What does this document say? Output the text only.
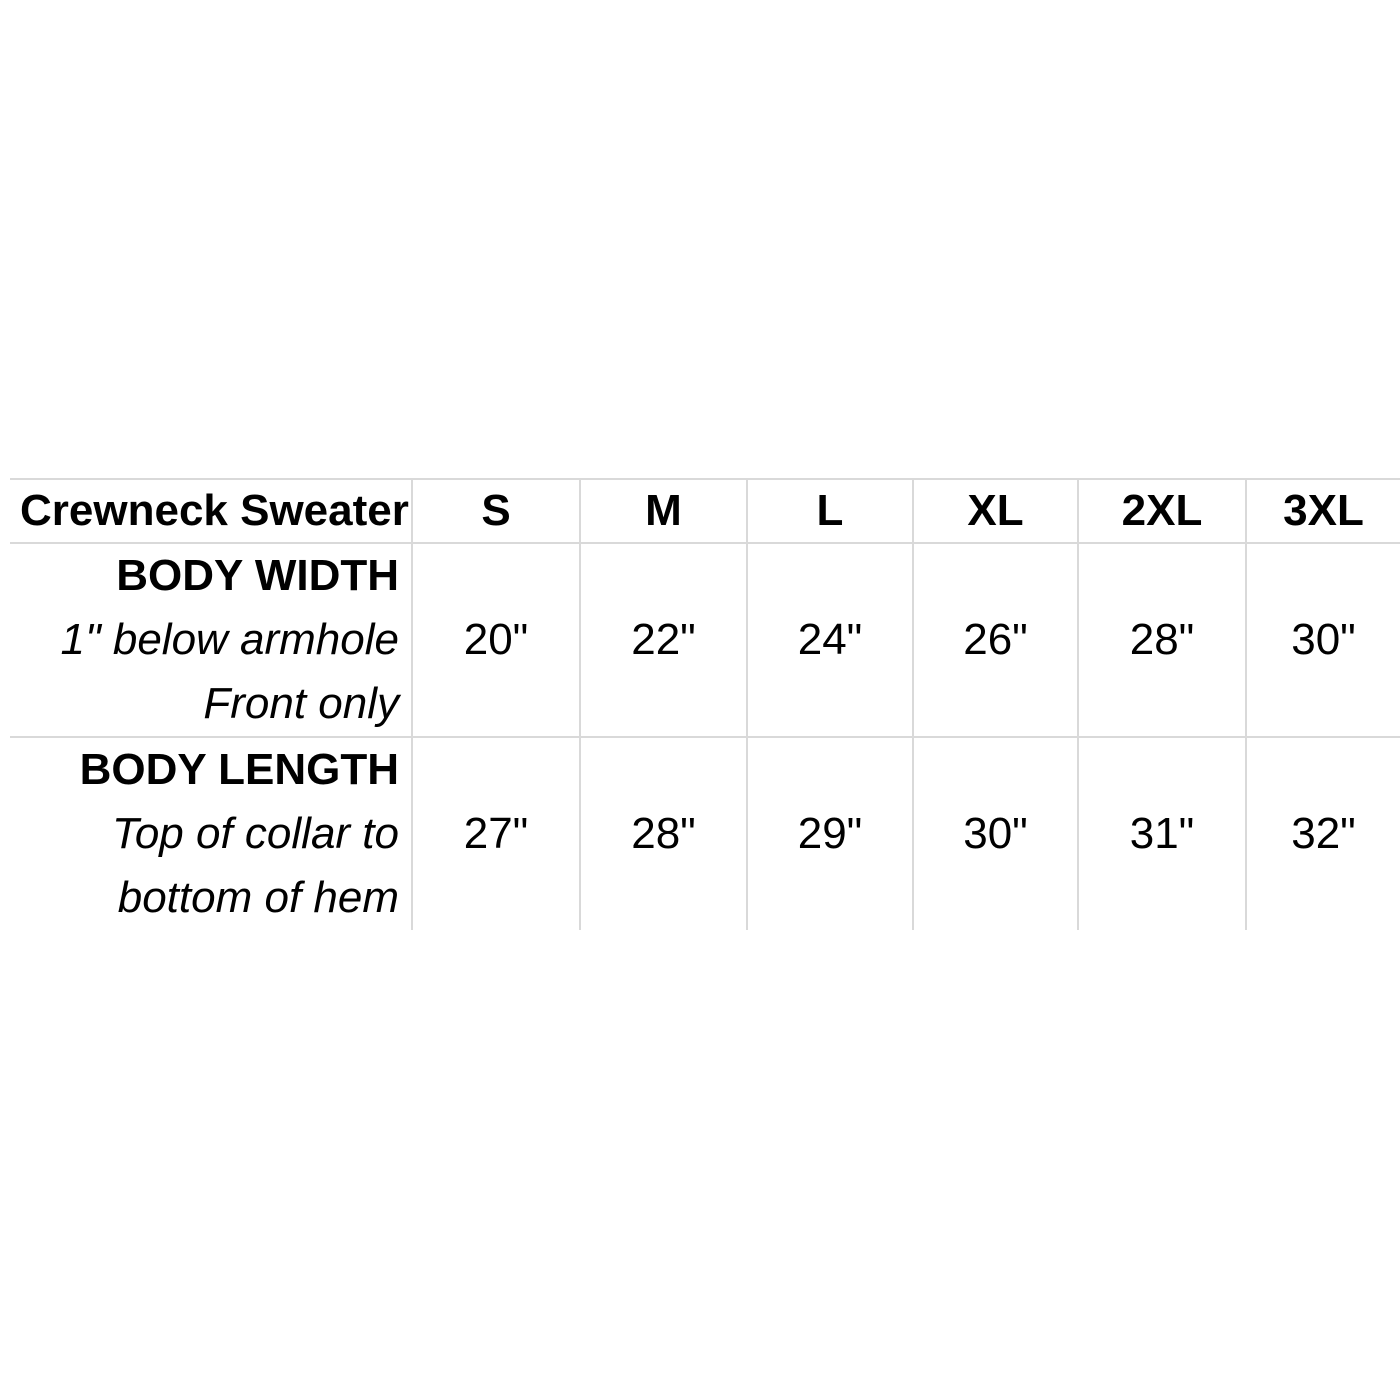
Crewneck Sweater	S	M	L	XL	2XL	3XL

BODY WIDTH
1" below armhole
Front only	20"	22"	24"	26"	28"	30"

BODY LENGTH
Top of collar to
bottom of hem	27"	28"	29"	30"	31"	32"
